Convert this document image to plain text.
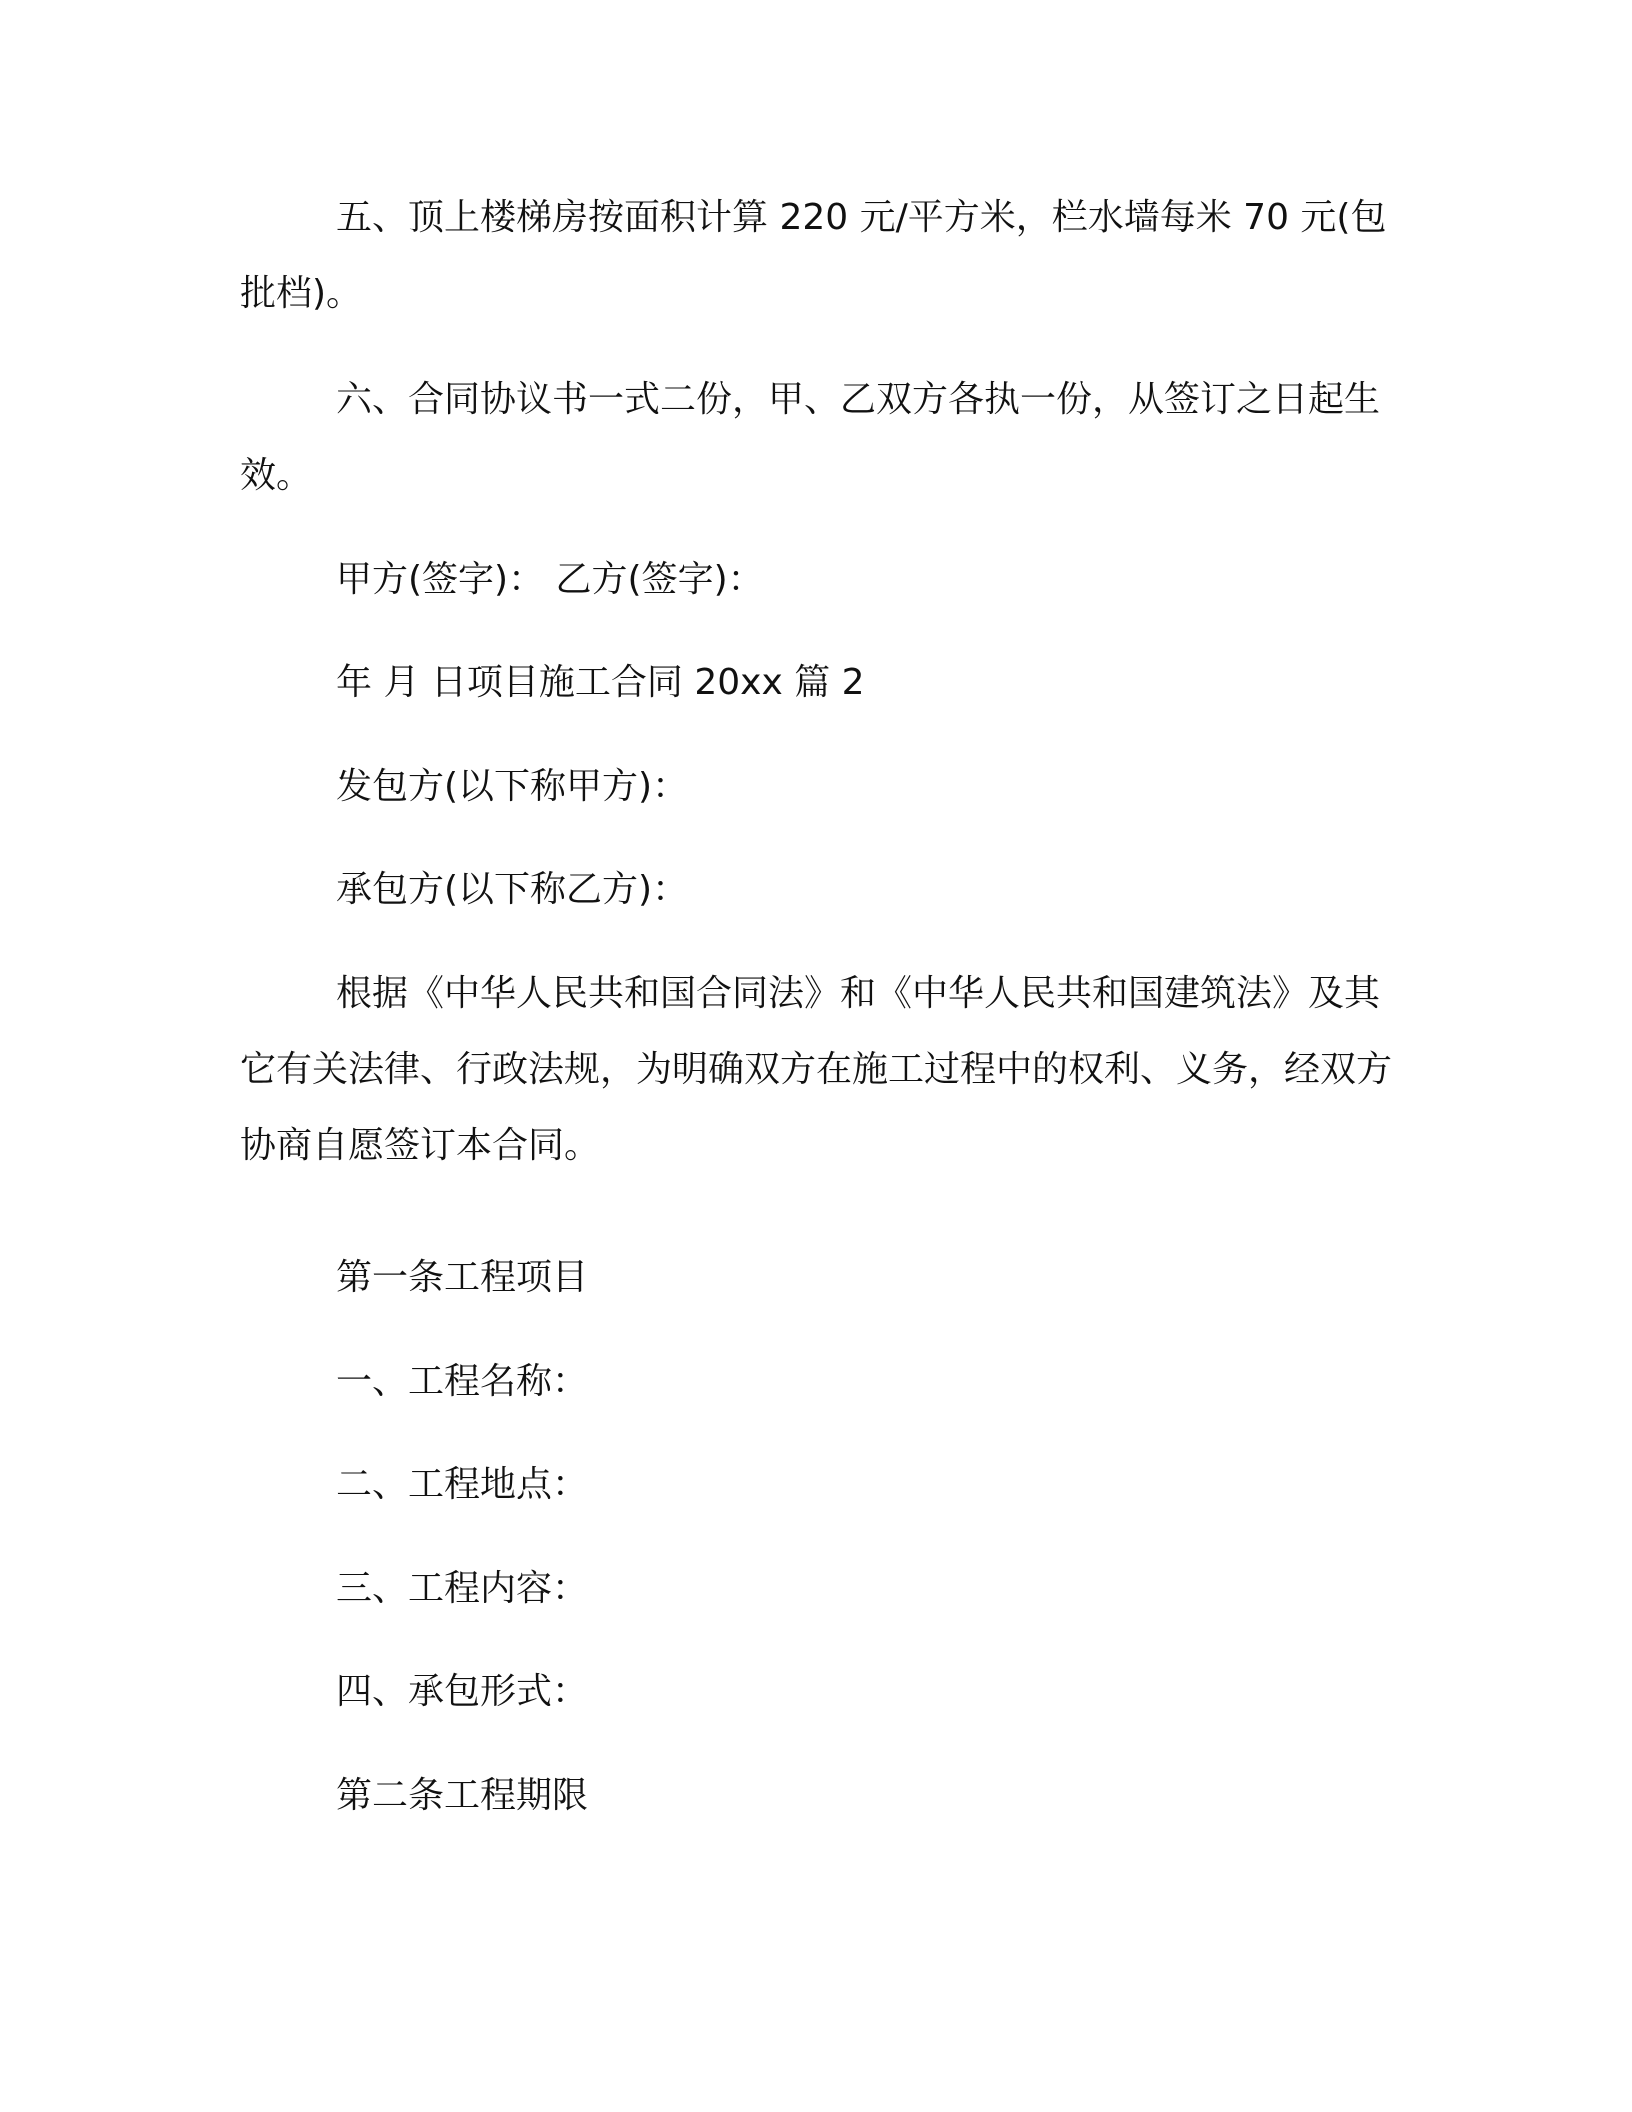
五、顶上楼梯房按面积计算 220 元/平方米，栏水墙每米 70 元(包批档)。

六、合同协议书一式二份，甲、乙双方各执一份，从签订之日起生效。

甲方(签字)： 乙方(签字)：

年 月 日项目施工合同 20xx 篇 2

发包方(以下称甲方)：

承包方(以下称乙方)：

根据《中华人民共和国合同法》和《中华人民共和国建筑法》及其它有关法律、行政法规，为明确双方在施工过程中的权利、义务，经双方协商自愿签订本合同。

第一条工程项目

一、工程名称：

二、工程地点：

三、工程内容：

四、承包形式：

第二条工程期限
